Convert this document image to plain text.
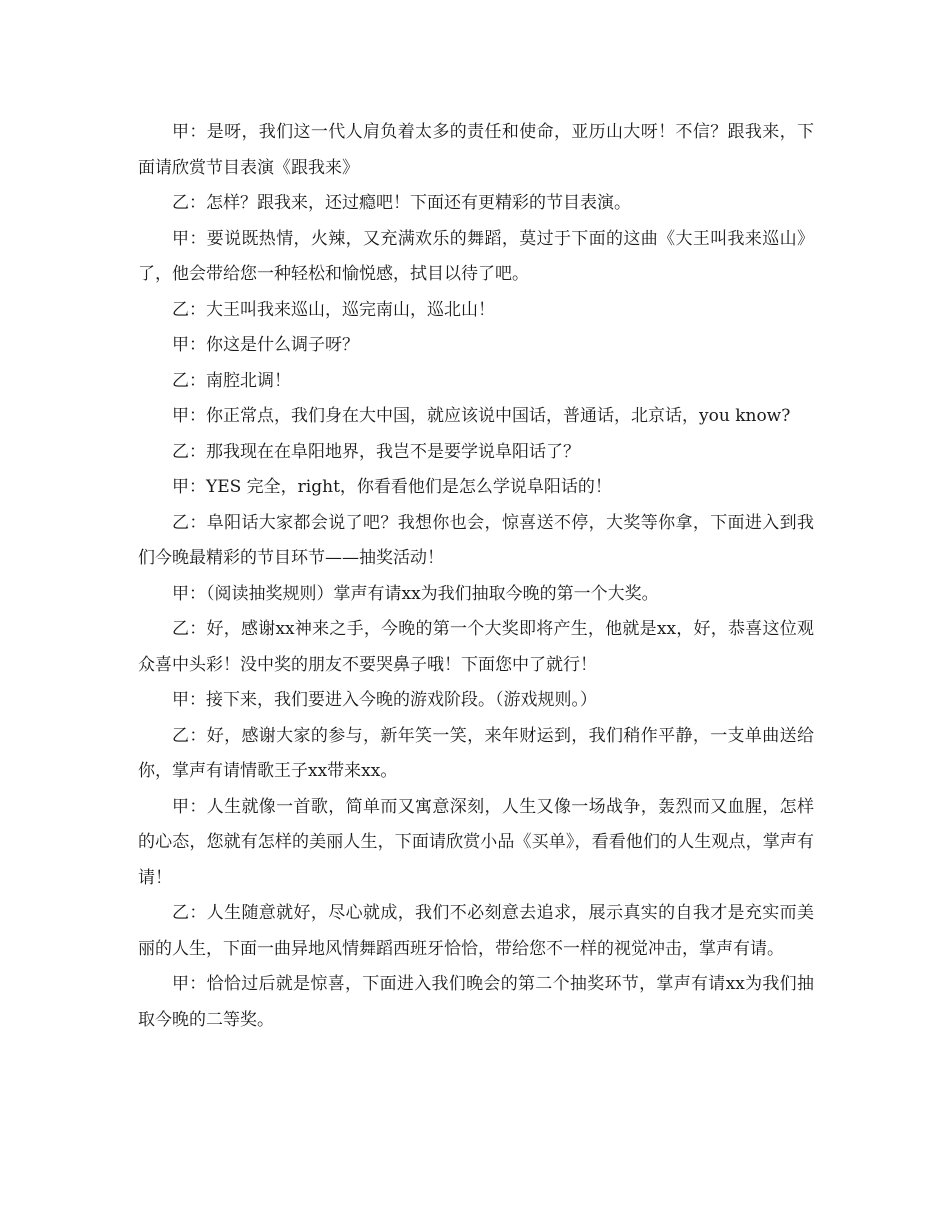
甲：是呀，我们这一代人肩负着太多的责任和使命，亚历山大呀！不信？跟我来，下面请欣赏节目表演《跟我来》

乙：怎样？跟我来，还过瘾吧！下面还有更精彩的节目表演。

甲：要说既热情，火辣，又充满欢乐的舞蹈，莫过于下面的这曲《大王叫我来巡山》了，他会带给您一种轻松和愉悦感，拭目以待了吧。

乙：大王叫我来巡山，巡完南山，巡北山！

甲：你这是什么调子呀？

乙：南腔北调！

甲：你正常点，我们身在大中国，就应该说中国话，普通话，北京话，you know?

乙：那我现在在阜阳地界，我岂不是要学说阜阳话了？

甲：YES 完全，right，你看看他们是怎么学说阜阳话的！

乙：阜阳话大家都会说了吧？我想你也会，惊喜送不停，大奖等你拿，下面进入到我们今晚最精彩的节目环节——抽奖活动！

甲：（阅读抽奖规则）掌声有请xx为我们抽取今晚的第一个大奖。

乙：好，感谢xx神来之手，今晚的第一个大奖即将产生，他就是xx，好，恭喜这位观众喜中头彩！没中奖的朋友不要哭鼻子哦！下面您中了就行！

甲：接下来，我们要进入今晚的游戏阶段。（游戏规则。）

乙：好，感谢大家的参与，新年笑一笑，来年财运到，我们稍作平静，一支单曲送给你，掌声有请情歌王子xx带来xx。

甲：人生就像一首歌，简单而又寓意深刻，人生又像一场战争，轰烈而又血腥，怎样的心态，您就有怎样的美丽人生，下面请欣赏小品《买单》，看看他们的人生观点，掌声有请！

乙：人生随意就好，尽心就成，我们不必刻意去追求，展示真实的自我才是充实而美丽的人生，下面一曲异地风情舞蹈西班牙恰恰，带给您不一样的视觉冲击，掌声有请。

甲：恰恰过后就是惊喜，下面进入我们晚会的第二个抽奖环节，掌声有请xx为我们抽取今晚的二等奖。
